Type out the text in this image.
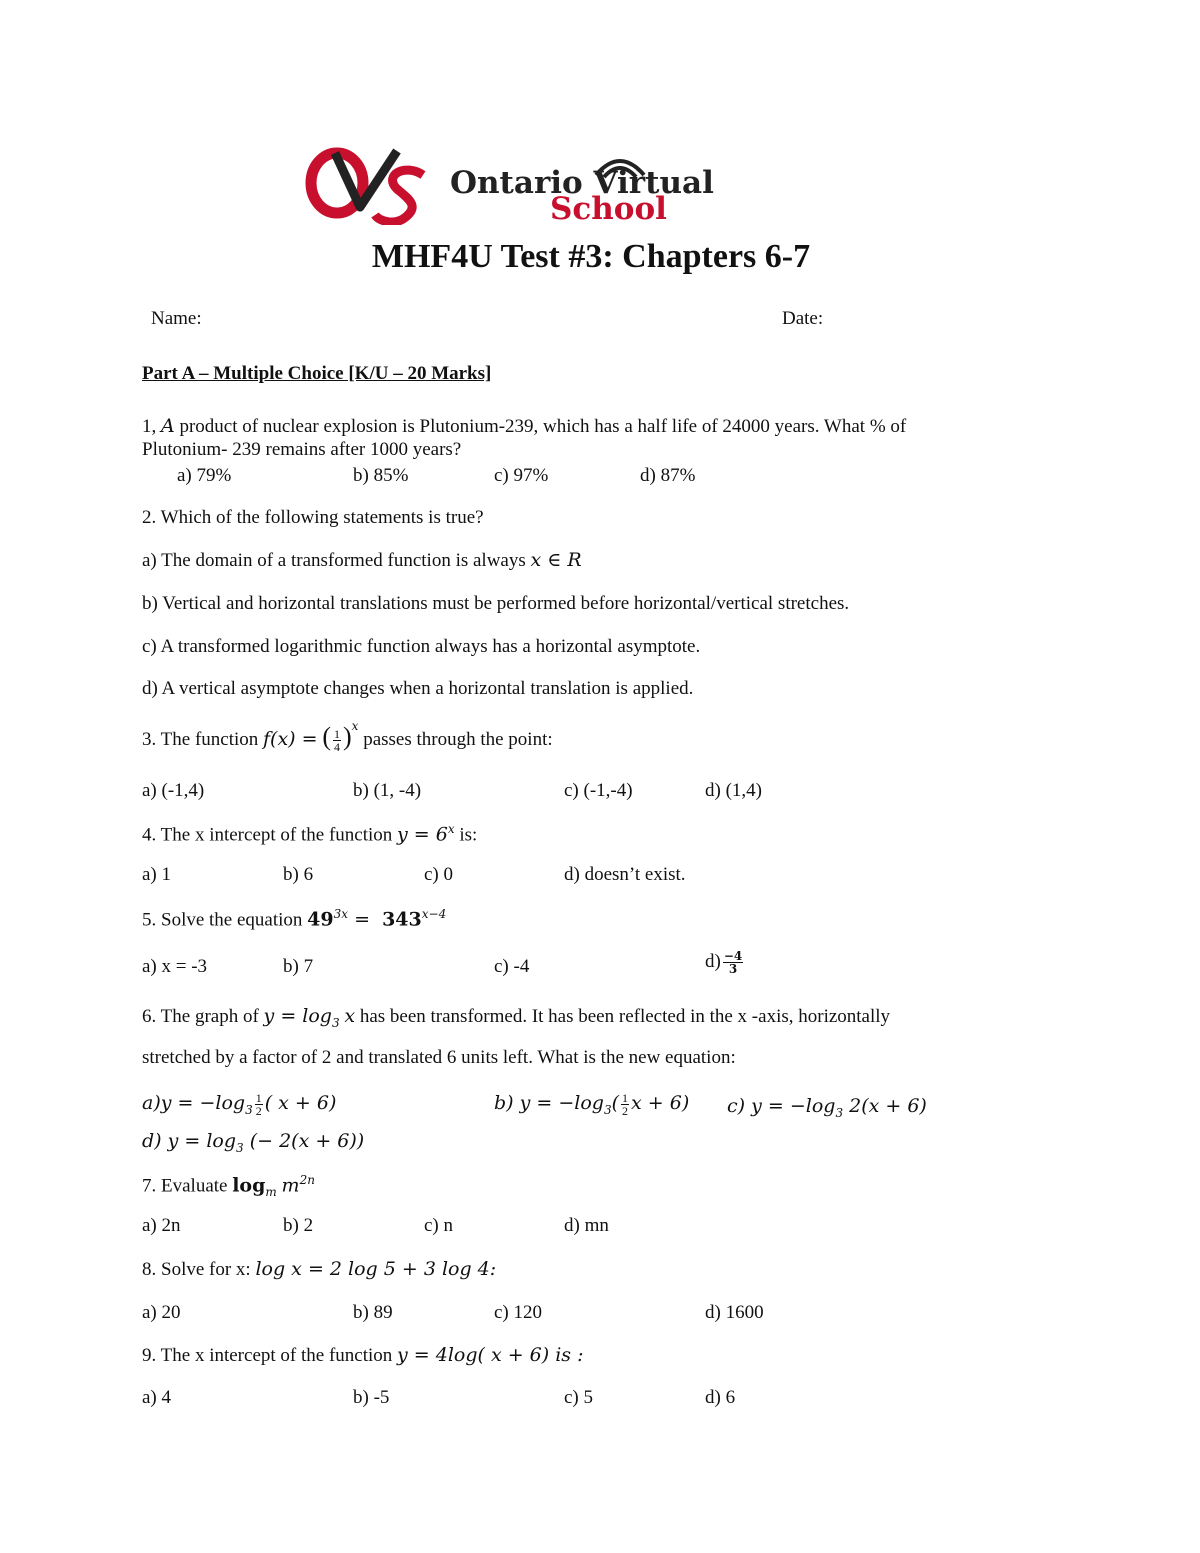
Ontario Virtual
School
MHF4U Test #3: Chapters 6-7
Name:	Date:
Part A – Multiple Choice [K/U – 20 Marks]
1, 𝐴 product of nuclear explosion is Plutonium-239, which has a half life of 24000 years. What % of
Plutonium- 239 remains after 1000 years?
a) 79%	b) 85%	c) 97%	d) 87%
2. Which of the following statements is true?
a) The domain of a transformed function is always x ∈ R
b) Vertical and horizontal translations must be performed before horizontal/vertical stretches.
c) A transformed logarithmic function always has a horizontal asymptote.
d) A vertical asymptote changes when a horizontal translation is applied.
3. The function f(x) = ( $\frac{1}{4} )^x$ passes through the point:
a) (-1,4)	b) (1, -4)	c) (-1,-4)	d) (1,4)
4. The x intercept of the function $y = 6^x$ is:
a) 1	b) 6	c) 0	d) doesn’t exist.
5. Solve the equation $49^{3x} = 343^{x-4}$
a) x = -3	b) 7	c) -4	$d) \frac{-4}{3}$
6. The graph of $y = \log_3 x$ has been transformed. It has been reflected in the x -axis, horizontally
stretched by a factor of 2 and translated 6 units left. What is the new equation:
$a)y = -\log_3 \frac{1}{2}$ ( x + 6)	b) $y = -\log_3( \frac{1}{2}$ x + 6) c) $y = -\log_3$ 2(x + 6)
d) $y = \log_3$ (− 2(x + 6))
7. Evaluate $\log_m m^{2n}$
a) 2n	b) 2	c) n	d) mn
8. Solve for x: log x = 2 log 5 + 3 log 4:
a) 20	b) 89	c) 120	d) 1600
9. The x intercept of the function y = 4log( x + 6) is :
a) 4	b) -5	c) 5	d) 6
